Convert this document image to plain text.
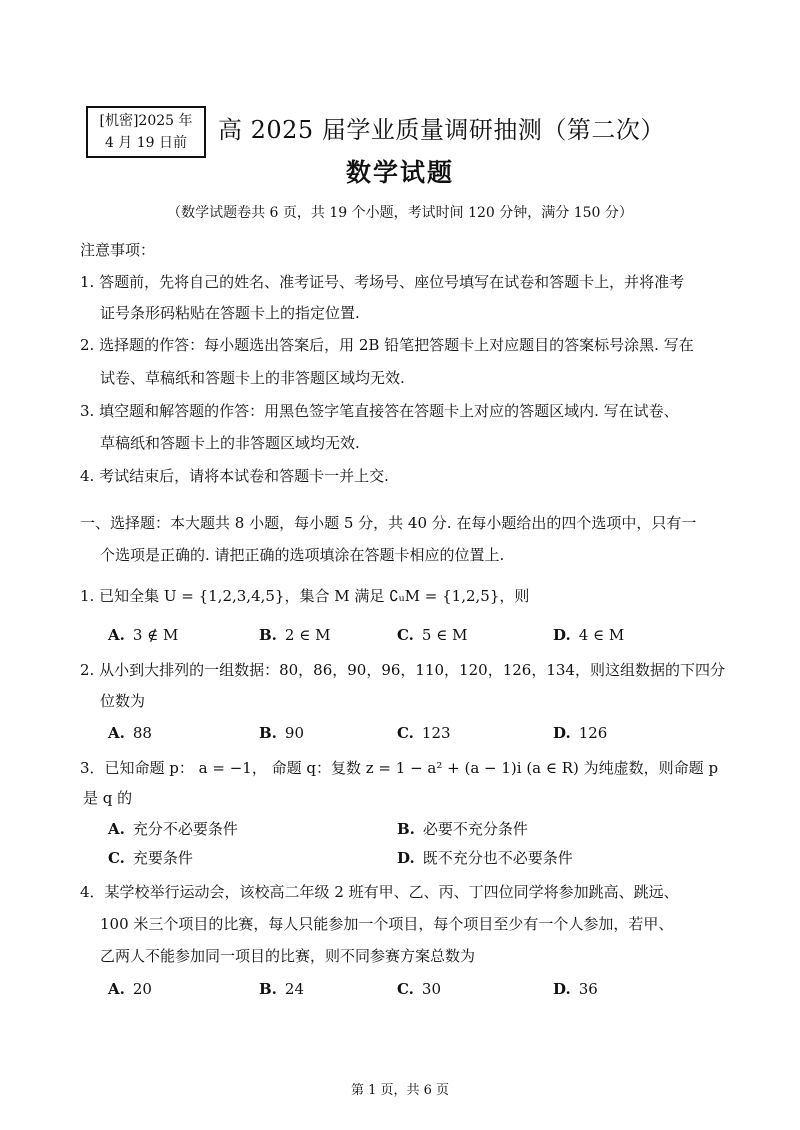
[机密]2025 年
4 月 19 日前 高 2025 届学业质量调研抽测（第二次）
数学试题
（数学试题卷共 6 页，共 19 个小题，考试时间 120 分钟，满分 150 分）
注意事项：
1. 答题前，先将自己的姓名、准考证号、考场号、座位号填写在试卷和答题卡上，并将准考
证号条形码粘贴在答题卡上的指定位置.
2. 选择题的作答：每小题选出答案后，用 2B 铅笔把答题卡上对应题目的答案标号涂黑. 写在
试卷、草稿纸和答题卡上的非答题区域均无效.
3. 填空题和解答题的作答：用黑色签字笔直接答在答题卡上对应的答题区域内. 写在试卷、
草稿纸和答题卡上的非答题区域均无效.
4. 考试结束后，请将本试卷和答题卡一并上交.
一、选择题：本大题共 8 小题，每小题 5 分，共 40 分. 在每小题给出的四个选项中，只有一
个选项是正确的. 请把正确的选项填涂在答题卡相应的位置上.
1. 已知全集 U = {1,2,3,4,5}，集合 M 满足 ∁ᵤM = {1,2,5}，则
A. 3 ∉ M	B. 2 ∈ M	C. 5 ∈ M	D. 4 ∈ M
2. 从小到大排列的一组数据：80，86，90，96，110，120，126，134，则这组数据的下四分
位数为
A. 88	B. 90	C. 123	D. 126
3．已知命题 p： a = −1， 命题 q：复数 z = 1 − a² + (a − 1)i (a ∈ R) 为纯虚数，则命题 p
是 q 的
A. 充分不必要条件	B. 必要不充分条件
C. 充要条件	D. 既不充分也不必要条件
4．某学校举行运动会，该校高二年级 2 班有甲、乙、丙、丁四位同学将参加跳高、跳远、
100 米三个项目的比赛，每人只能参加一个项目，每个项目至少有一个人参加，若甲、
乙两人不能参加同一项目的比赛，则不同参赛方案总数为
A. 20	B. 24	C. 30	D. 36
第 1 页，共 6 页
